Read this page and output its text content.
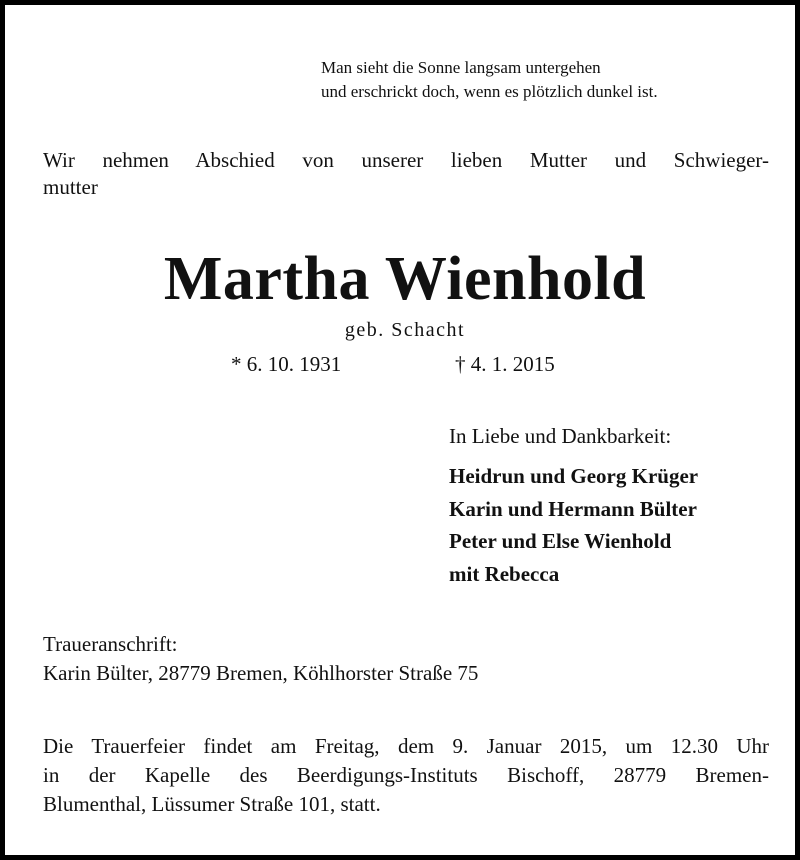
Man sieht die Sonne langsam untergehen
und erschrickt doch, wenn es plötzlich dunkel ist.
Wir nehmen Abschied von unserer lieben Mutter und Schwieger-
mutter
Martha Wienhold
geb. Schacht
* 6. 10. 1931	† 4. 1. 2015
In Liebe und Dankbarkeit:
Heidrun und Georg Krüger
Karin und Hermann Bülter
Peter und Else Wienhold
mit Rebecca
Traueranschrift:
Karin Bülter, 28779 Bremen, Köhlhorster Straße 75
Die Trauerfeier findet am Freitag, dem 9. Januar 2015, um 12.30 Uhr
in der Kapelle des Beerdigungs-Instituts Bischoff, 28779 Bremen-
Blumenthal, Lüssumer Straße 101, statt.
